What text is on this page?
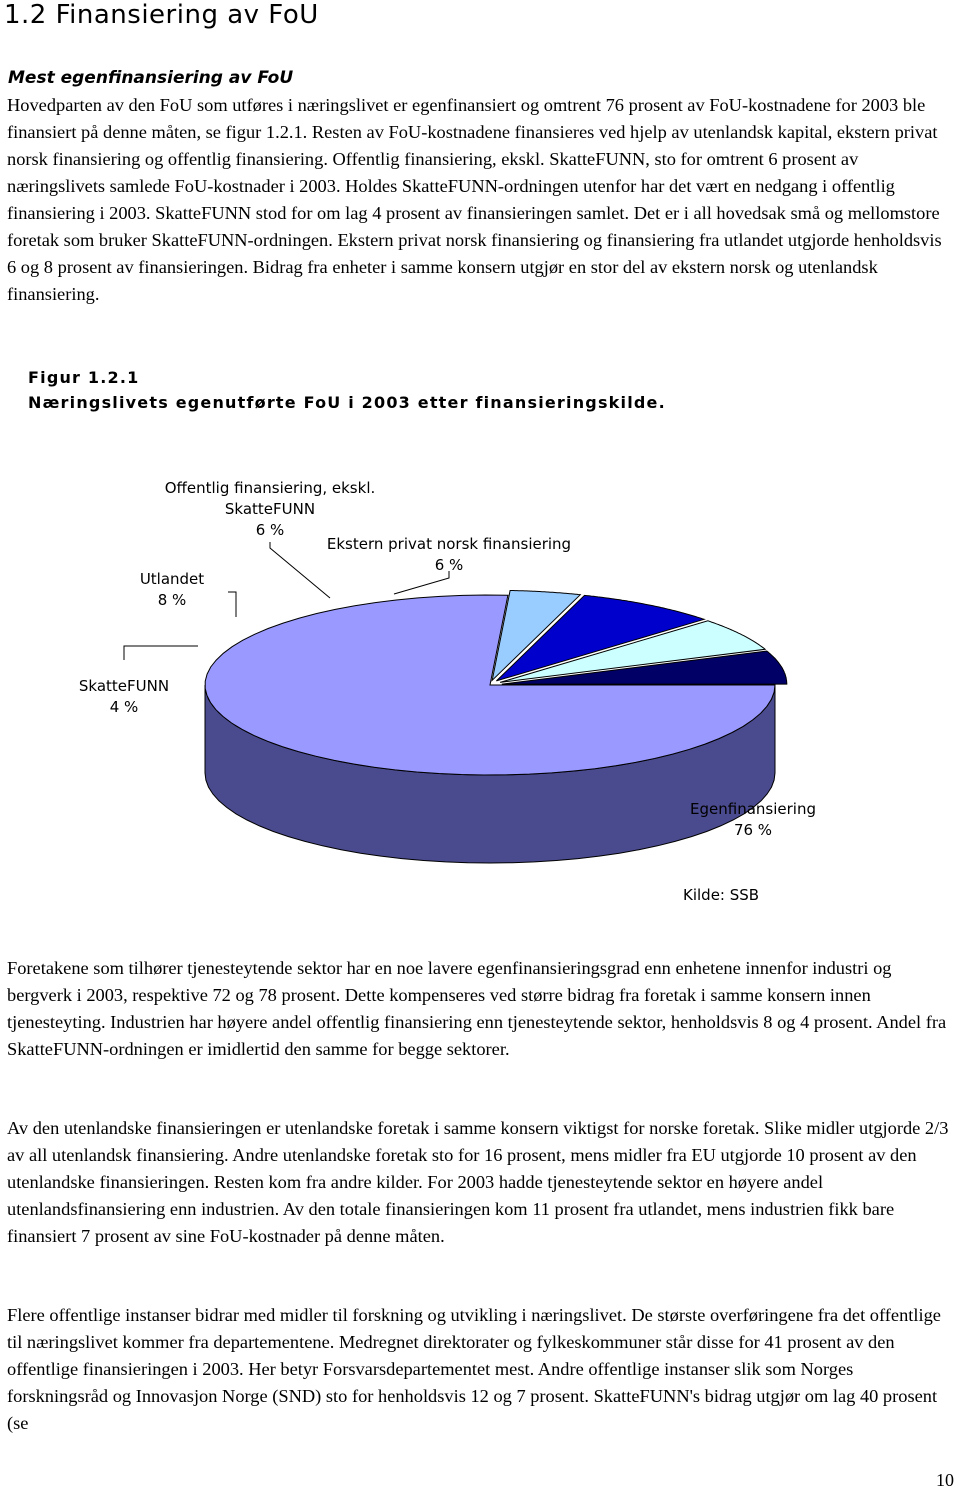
1.2 Finansiering av FoU
Mest egenfinansiering av FoU

Hovedparten av den FoU som utføres i næringslivet er egenfinansiert og omtrent 76 prosent av FoU-kostnadene for 2003 ble finansiert på denne måten, se figur 1.2.1. Resten av FoU-kostnadene finansieres ved hjelp av utenlandsk kapital, ekstern privat norsk finansiering og offentlig finansiering. Offentlig finansiering, ekskl. SkatteFUNN, sto for omtrent 6 prosent av næringslivets samlede FoU-kostnader i 2003. Holdes SkatteFUNN-ordningen utenfor har det vært en nedgang i offentlig finansiering i 2003. SkatteFUNN stod for om lag 4 prosent av finansieringen samlet. Det er i all hovedsak små og mellomstore foretak som bruker SkatteFUNN-ordningen. Ekstern privat norsk finansiering og finansiering fra utlandet utgjorde henholdsvis 6 og 8 prosent av finansieringen. Bidrag fra enheter i samme konsern utgjør en stor del av ekstern norsk og utenlandsk finansiering.

Figur 1.2.1

Næringslivets egenutførte FoU i 2003 etter finansieringskilde.

Egenfinansiering
76 %
SkatteFUNN
4 %
Utlandet
8 %
Offentlig finansiering, ekskl.
SkatteFUNN
6 %
Ekstern privat norsk finansiering
6 %

Kilde: SSB

Foretakene som tilhører tjenesteytende sektor har en noe lavere egenfinansieringsgrad enn enhetene innenfor industri og bergverk i 2003, respektive 72 og 78 prosent. Dette kompenseres ved større bidrag fra foretak i samme konsern innen tjenesteyting. Industrien har høyere andel offentlig finansiering enn tjenesteytende sektor, henholdsvis 8 og 4 prosent. Andel fra SkatteFUNN-ordningen er imidlertid den samme for begge sektorer.

Av den utenlandske finansieringen er utenlandske foretak i samme konsern viktigst for norske foretak. Slike midler utgjorde 2/3 av all utenlandsk finansiering. Andre utenlandske foretak sto for 16 prosent, mens midler fra EU utgjorde 10 prosent av den utenlandske finansieringen. Resten kom fra andre kilder. For 2003 hadde tjenesteytende sektor en høyere andel utenlandsfinansiering enn industrien. Av den totale finansieringen kom 11 prosent fra utlandet, mens industrien fikk bare finansiert 7 prosent av sine FoU-kostnader på denne måten.

Flere offentlige instanser bidrar med midler til forskning og utvikling i næringslivet. De største overføringene fra det offentlige til næringslivet kommer fra departementene. Medregnet direktorater og fylkeskommuner står disse for 41 prosent av den offentlige finansieringen i 2003. Her betyr Forsvarsdepartementet mest. Andre offentlige instanser slik som Norges forskningsråd og Innovasjon Norge (SND) sto for henholdsvis 12 og 7 prosent. SkatteFUNN's bidrag utgjør om lag 40 prosent (se

10
